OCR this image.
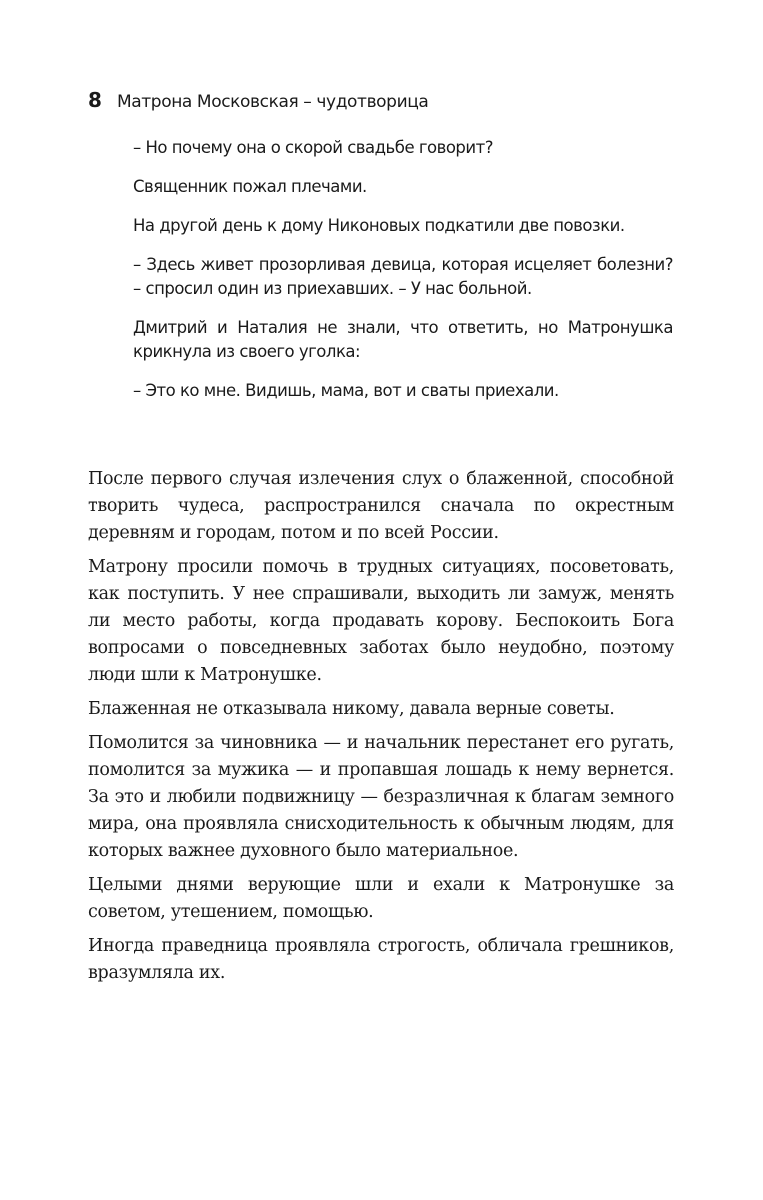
8 Матрона Московская – чудотворица

– Но почему она о скорой свадьбе говорит?

Священник пожал плечами.

На другой день к дому Никоновых подкатили две повозки.

– Здесь живет прозорливая девица, которая исцеляет болезни? – спросил один из приехавших. – У нас больной.

Дмитрий и Наталия не знали, что ответить, но Матронушка крикнула из своего уголка:

– Это ко мне. Видишь, мама, вот и сваты приехали.

После первого случая излечения слух о блаженной, способной творить чудеса, распространился сначала по окрестным деревням и городам, потом и по всей России.

Матрону просили помочь в трудных ситуациях, посоветовать, как поступить. У нее спрашивали, выходить ли замуж, менять ли место работы, когда продавать корову. Беспокоить Бога вопросами о повседневных заботах было неудобно, поэтому люди шли к Матронушке.

Блаженная не отказывала никому, давала верные советы.

Помолится за чиновника — и начальник перестанет его ругать, помолится за мужика — и пропавшая лошадь к нему вернется. За это и любили подвижницу — безразличная к благам земного мира, она проявляла снисходительность к обычным людям, для которых важнее духовного было материальное.

Целыми днями верующие шли и ехали к Матронушке за советом, утешением, помощью.

Иногда праведница проявляла строгость, обличала грешников, вразумляла их.
